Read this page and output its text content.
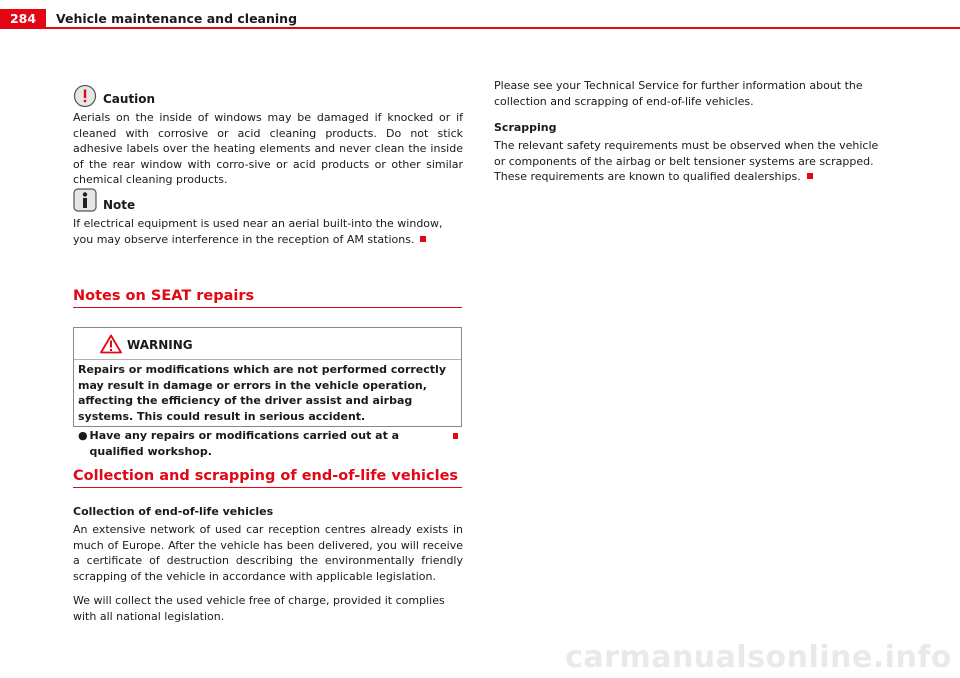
284	Vehicle maintenance and cleaning
Caution

Aerials on the inside of windows may be damaged if knocked or if cleaned with corrosive or acid cleaning products. Do not stick adhesive labels over the heating elements and never clean the inside of the rear window with corro-sive or acid products or other similar chemical cleaning products.

Note

If electrical equipment is used near an aerial built-into the window, you may observe interference in the reception of AM stations.

Notes on SEAT repairs
WARNING
Repairs or modifications which are not performed correctly may result in damage or errors in the vehicle operation, affecting the efficiency of the driver assist and airbag systems. This could result in serious accident.
● Have any repairs or modifications carried out at a qualified workshop.
Collection and scrapping of end-of-life vehicles
Collection of end-of-life vehicles

An extensive network of used car reception centres already exists in much of Europe. After the vehicle has been delivered, you will receive a certificate of destruction describing the environmentally friendly scrapping of the vehicle in accordance with applicable legislation.

We will collect the used vehicle free of charge, provided it complies with all national legislation.

Please see your Technical Service for further information about the collection and scrapping of end-of-life vehicles.

Scrapping

The relevant safety requirements must be observed when the vehicle or components of the airbag or belt tensioner systems are scrapped. These requirements are known to qualified dealerships.

carmanualsonline.info
